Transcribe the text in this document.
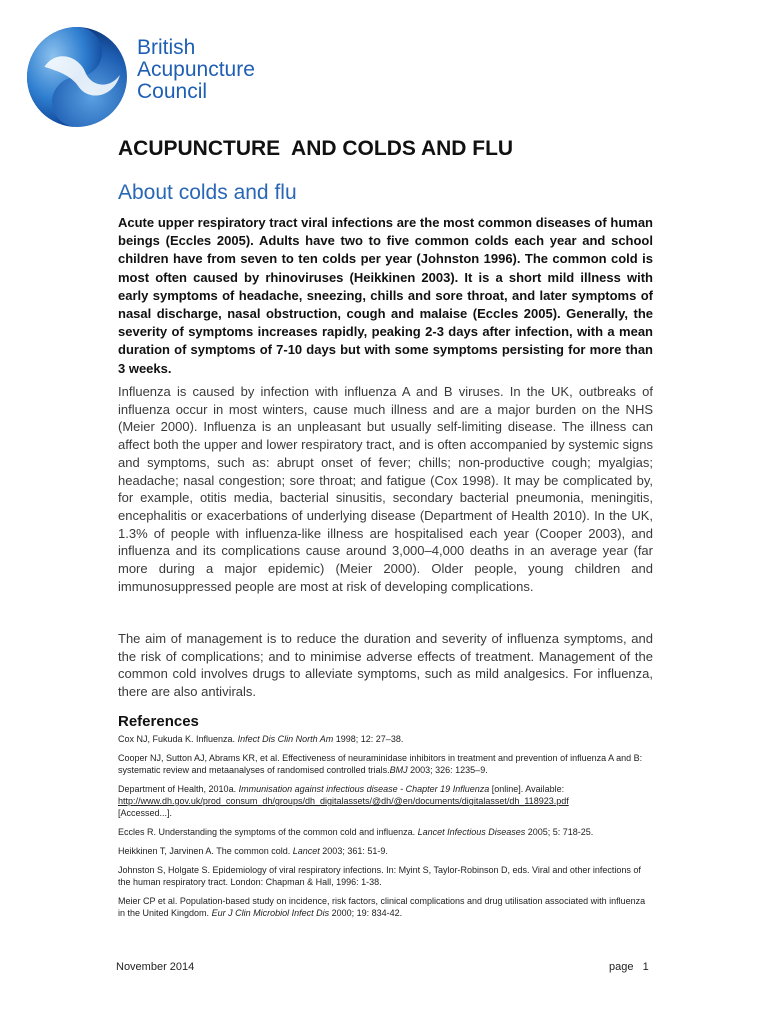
British
Acupuncture
Council
ACUPUNCTURE  AND COLDS AND FLU
About colds and flu
Acute upper respiratory tract viral infections are the most common diseases of human beings (Eccles 2005). Adults have two to five common colds each year and school children have from seven to ten colds per year (Johnston 1996). The common cold is most often caused by rhinoviruses (Heikkinen 2003). It is a short mild illness with early symptoms of headache, sneezing, chills and sore throat, and later symptoms of nasal discharge, nasal obstruction, cough and malaise (Eccles 2005). Generally, the severity of symptoms increases rapidly, peaking 2-3 days after infection, with a mean duration of symptoms of 7-10 days but with some symptoms persisting for more than 3 weeks.
Influenza is caused by infection with influenza A and B viruses. In the UK, outbreaks of influenza occur in most winters, cause much illness and are a major burden on the NHS (Meier 2000). Influenza is an unpleasant but usually self-limiting disease. The illness can affect both the upper and lower respiratory tract, and is often accompanied by systemic signs and symptoms, such as: abrupt onset of fever; chills; non-productive cough; myalgias; headache; nasal congestion; sore throat; and fatigue (Cox 1998). It may be complicated by, for example, otitis media, bacterial sinusitis, secondary bacterial pneumonia, meningitis, encephalitis or exacerbations of underlying disease (Department of Health 2010). In the UK, 1.3% of people with influenza-like illness are hospitalised each year (Cooper 2003), and influenza and its complications cause around 3,000–4,000 deaths in an average year (far more during a major epidemic) (Meier 2000). Older people, young children and immunosuppressed people are most at risk of developing complications.
The aim of management is to reduce the duration and severity of influenza symptoms, and the risk of complications; and to minimise adverse effects of treatment. Management of the common cold involves drugs to alleviate symptoms, such as mild analgesics. For influenza, there are also antivirals.
References
Cox NJ, Fukuda K. Influenza. Infect Dis Clin North Am 1998; 12: 27–38.
Cooper NJ, Sutton AJ, Abrams KR, et al. Effectiveness of neuraminidase inhibitors in treatment and prevention of influenza A and B: systematic review and metaanalyses of randomised controlled trials.BMJ 2003; 326: 1235–9.
Department of Health, 2010a. Immunisation against infectious disease - Chapter 19 Influenza [online]. Available:
http://www.dh.gov.uk/prod_consum_dh/groups/dh_digitalassets/@dh/@en/documents/digitalasset/dh_118923.pdf
[Accessed...].
Eccles R. Understanding the symptoms of the common cold and influenza. Lancet Infectious Diseases 2005; 5: 718-25.
Heikkinen T, Jarvinen A. The common cold. Lancet 2003; 361: 51-9.
Johnston S, Holgate S. Epidemiology of viral respiratory infections. In: Myint S, Taylor-Robinson D, eds. Viral and other infections of the human respiratory tract. London: Chapman & Hall, 1996: 1-38.
Meier CP et al. Population-based study on incidence, risk factors, clinical complications and drug utilisation associated with influenza in the United Kingdom. Eur J Clin Microbiol Infect Dis 2000; 19: 834-42.
November 2014	page   1
